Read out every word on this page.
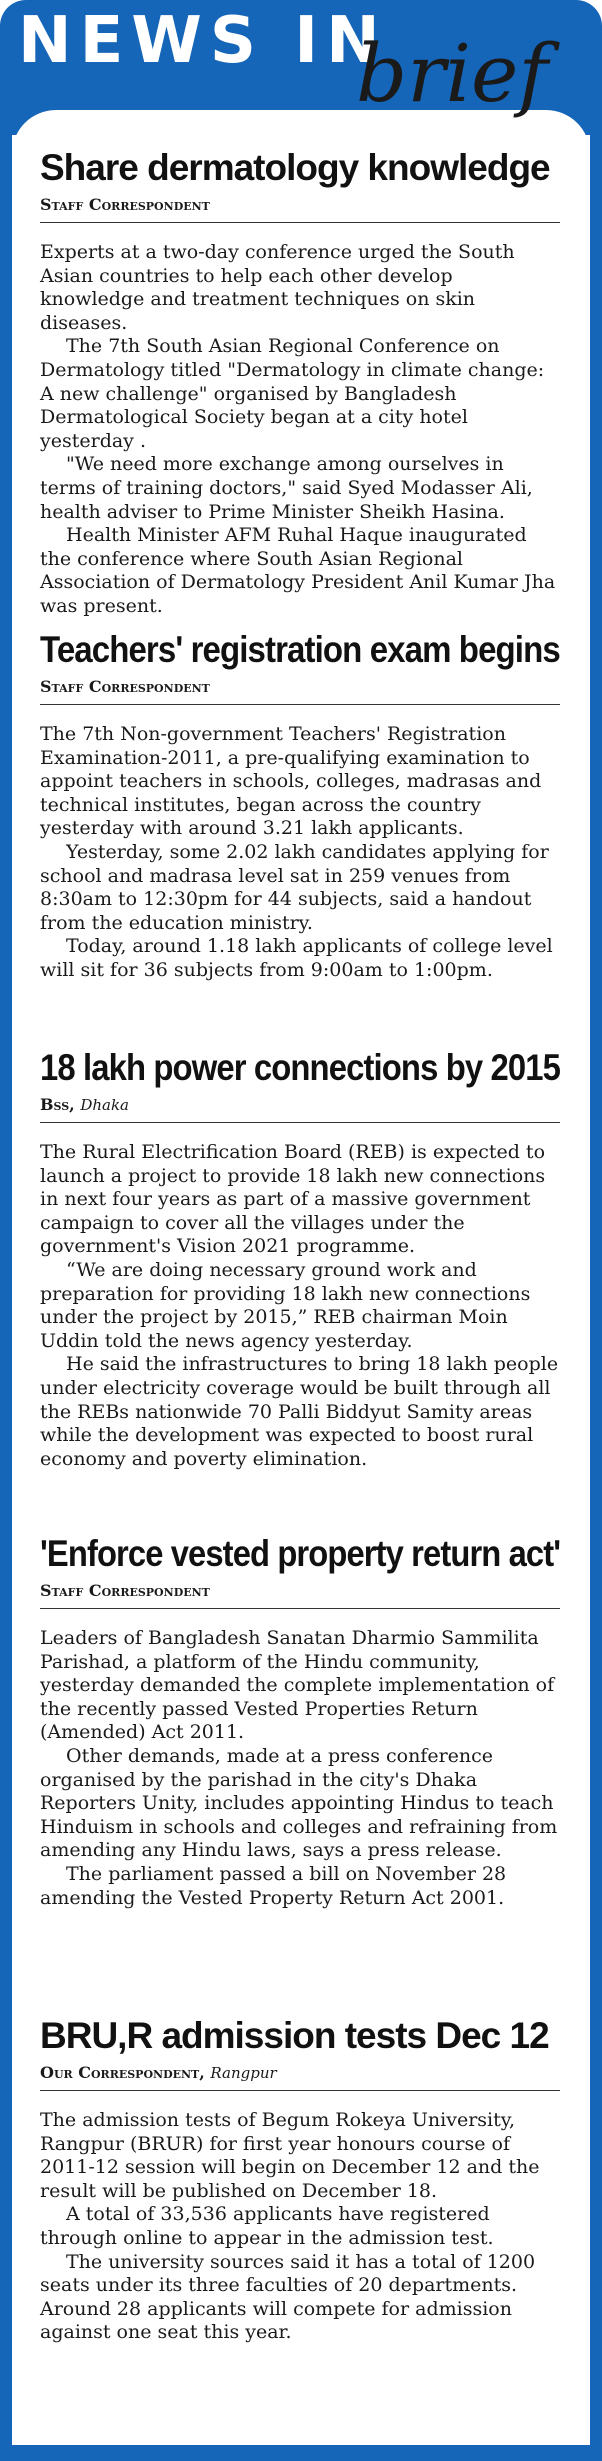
NEWS IN
brief
Share dermatology knowledge
Staff Correspondent

Experts at a two-day conference urged the South Asian countries to help each other develop knowledge and treatment techniques on skin diseases.

The 7th South Asian Regional Conference on Dermatology titled "Dermatology in climate change: A new challenge" organised by Bangladesh Dermatological Society began at a city hotel yesterday .

"We need more exchange among ourselves in terms of training doctors," said Syed Modasser Ali, health adviser to Prime Minister Sheikh Hasina.

Health Minister AFM Ruhal Haque inaugurated the conference where South Asian Regional Association of Dermatology President Anil Kumar Jha was present.

Teachers' registration exam begins
Staff Correspondent

The 7th Non-government Teachers' Registration Examination-2011, a pre-qualifying examination to appoint teachers in schools, colleges, madrasas and technical institutes, began across the country yesterday with around 3.21 lakh applicants.

Yesterday, some 2.02 lakh candidates applying for school and madrasa level sat in 259 venues from 8:30am to 12:30pm for 44 subjects, said a handout from the education ministry.

Today, around 1.18 lakh applicants of college level will sit for 36 subjects from 9:00am to 1:00pm.

18 lakh power connections by 2015
Bss, Dhaka

The Rural Electrification Board (REB) is expected to launch a project to provide 18 lakh new connections in next four years as part of a massive government campaign to cover all the villages under the government's Vision 2021 programme.

“We are doing necessary ground work and preparation for providing 18 lakh new connections under the project by 2015,” REB chairman Moin Uddin told the news agency yesterday.

He said the infrastructures to bring 18 lakh people under electricity coverage would be built through all the REBs nationwide 70 Palli Biddyut Samity areas while the development was expected to boost rural economy and poverty elimination.

'Enforce vested property return act'
Staff Correspondent

Leaders of Bangladesh Sanatan Dharmio Sammilita Parishad, a platform of the Hindu community, yesterday demanded the complete implementation of the recently passed Vested Properties Return (Amended) Act 2011.

Other demands, made at a press conference organised by the parishad in the city's Dhaka Reporters Unity, includes appointing Hindus to teach Hinduism in schools and colleges and refraining from amending any Hindu laws, says a press release.

The parliament passed a bill on November 28 amending the Vested Property Return Act 2001.

BRU,R admission tests Dec 12
Our Correspondent, Rangpur

The admission tests of Begum Rokeya University, Rangpur (BRUR) for first year honours course of 2011-12 session will begin on December 12 and the result will be published on December 18.

A total of 33,536 applicants have registered through online to appear in the admission test.

The university sources said it has a total of 1200 seats under its three faculties of 20 departments. Around 28 applicants will compete for admission against one seat this year.
